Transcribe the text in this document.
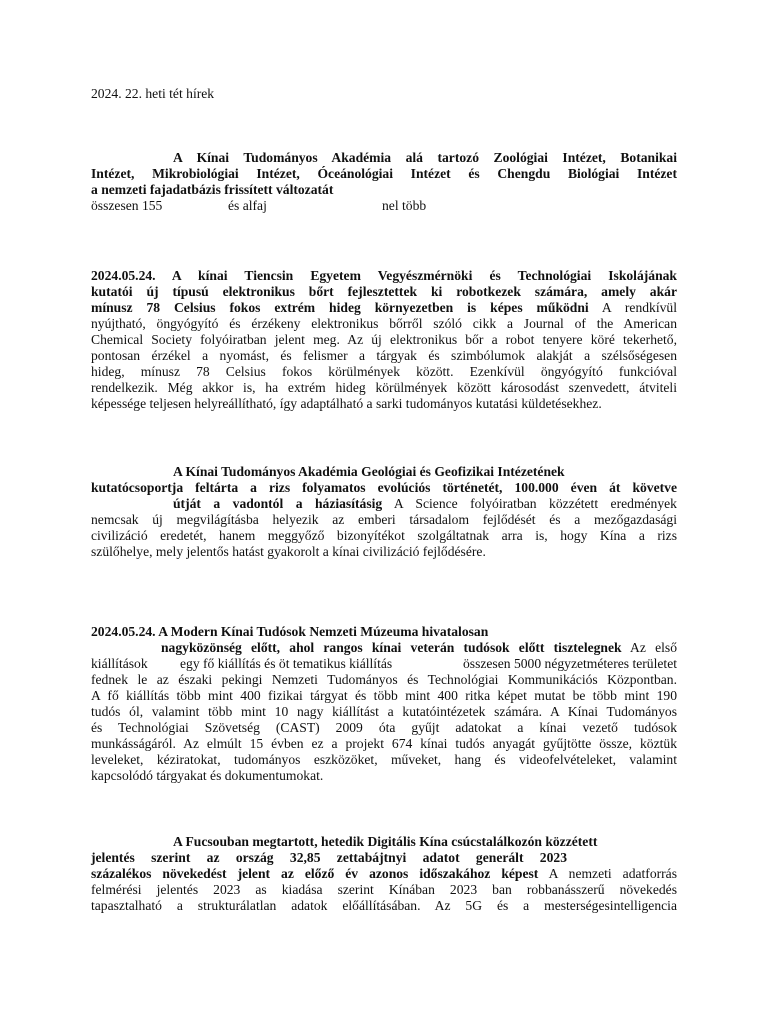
2024. 22. heti tét hírek
A Kínai Tudományos Akadémia alá tartozó Zoológiai Intézet, Botanikai
Intézet, Mikrobiológiai Intézet, Óceánológiai Intézet és Chengdu Biológiai Intézet
a nemzeti fajadatbázis frissített változatát
összesen 155	és alfaj	nel több
2024.05.24. A kínai Tiencsin Egyetem Vegyészmérnöki és Technológiai Iskolájának
kutatói új típusú elektronikus bőrt fejlesztettek ki robotkezek számára, amely akár
mínusz 78 Celsius fokos extrém hideg környezetben is képes működni A rendkívül
nyújtható, öngyógyító és érzékeny elektronikus bőrről szóló cikk a Journal of the American
Chemical Society folyóiratban jelent meg. Az új elektronikus bőr a robot tenyere köré tekerhető,
pontosan érzékel a nyomást, és felismer a tárgyak és szimbólumok alakját a szélsőségesen
hideg, mínusz 78 Celsius fokos körülmények között. Ezenkívül öngyógyító funkcióval
rendelkezik. Még akkor is, ha extrém hideg körülmények között károsodást szenvedett, átviteli
képessége teljesen helyreállítható, így adaptálható a sarki tudományos kutatási küldetésekhez.
A Kínai Tudományos Akadémia Geológiai és Geofizikai Intézetének
kutatócsoportja feltárta a rizs folyamatos evolúciós történetét, 100.000 éven át követve
útját a vadontól a háziasításig A Science folyóiratban közzétett eredmények
nemcsak új megvilágításba helyezik az emberi társadalom fejlődését és a mezőgazdasági
civilizáció eredetét, hanem meggyőző bizonyítékot szolgáltatnak arra is, hogy Kína a rizs
szülőhelye, mely jelentős hatást gyakorolt a kínai civilizáció fejlődésére.
2024.05.24. A Modern Kínai Tudósok Nemzeti Múzeuma hivatalosan
nagyközönség előtt, ahol rangos kínai veterán tudósok előtt tisztelegnek Az első
kiállítások egy fő kiállítás és öt tematikus kiállítás	összesen 5000 négyzetméteres területet
fednek le az északi pekingi Nemzeti Tudományos és Technológiai Kommunikációs Központban.
A fő kiállítás több mint 400 fizikai tárgyat és több mint 400 ritka képet mutat be több mint 190
tudós ól, valamint több mint 10 nagy kiállítást a kutatóintézetek számára. A Kínai Tudományos
és Technológiai Szövetség (CAST) 2009 óta gyűjt adatokat a kínai vezető tudósok
munkásságáról. Az elmúlt 15 évben ez a projekt 674 kínai tudós anyagát gyűjtötte össze, köztük
leveleket, kéziratokat, tudományos eszközöket, műveket, hang és videofelvételeket, valamint
kapcsolódó tárgyakat és dokumentumokat.
A Fucsouban megtartott, hetedik Digitális Kína csúcstalálkozón közzétett
jelentés szerint az ország 32,85 zettabájtnyi adatot generált 2023
százalékos növekedést jelent az előző év azonos időszakához képest A nemzeti adatforrás
felmérési jelentés 2023 as kiadása szerint Kínában 2023 ban robbanásszerű növekedés
tapasztalható a strukturálatlan adatok előállításában. Az 5G és a mesterségesintelligencia
